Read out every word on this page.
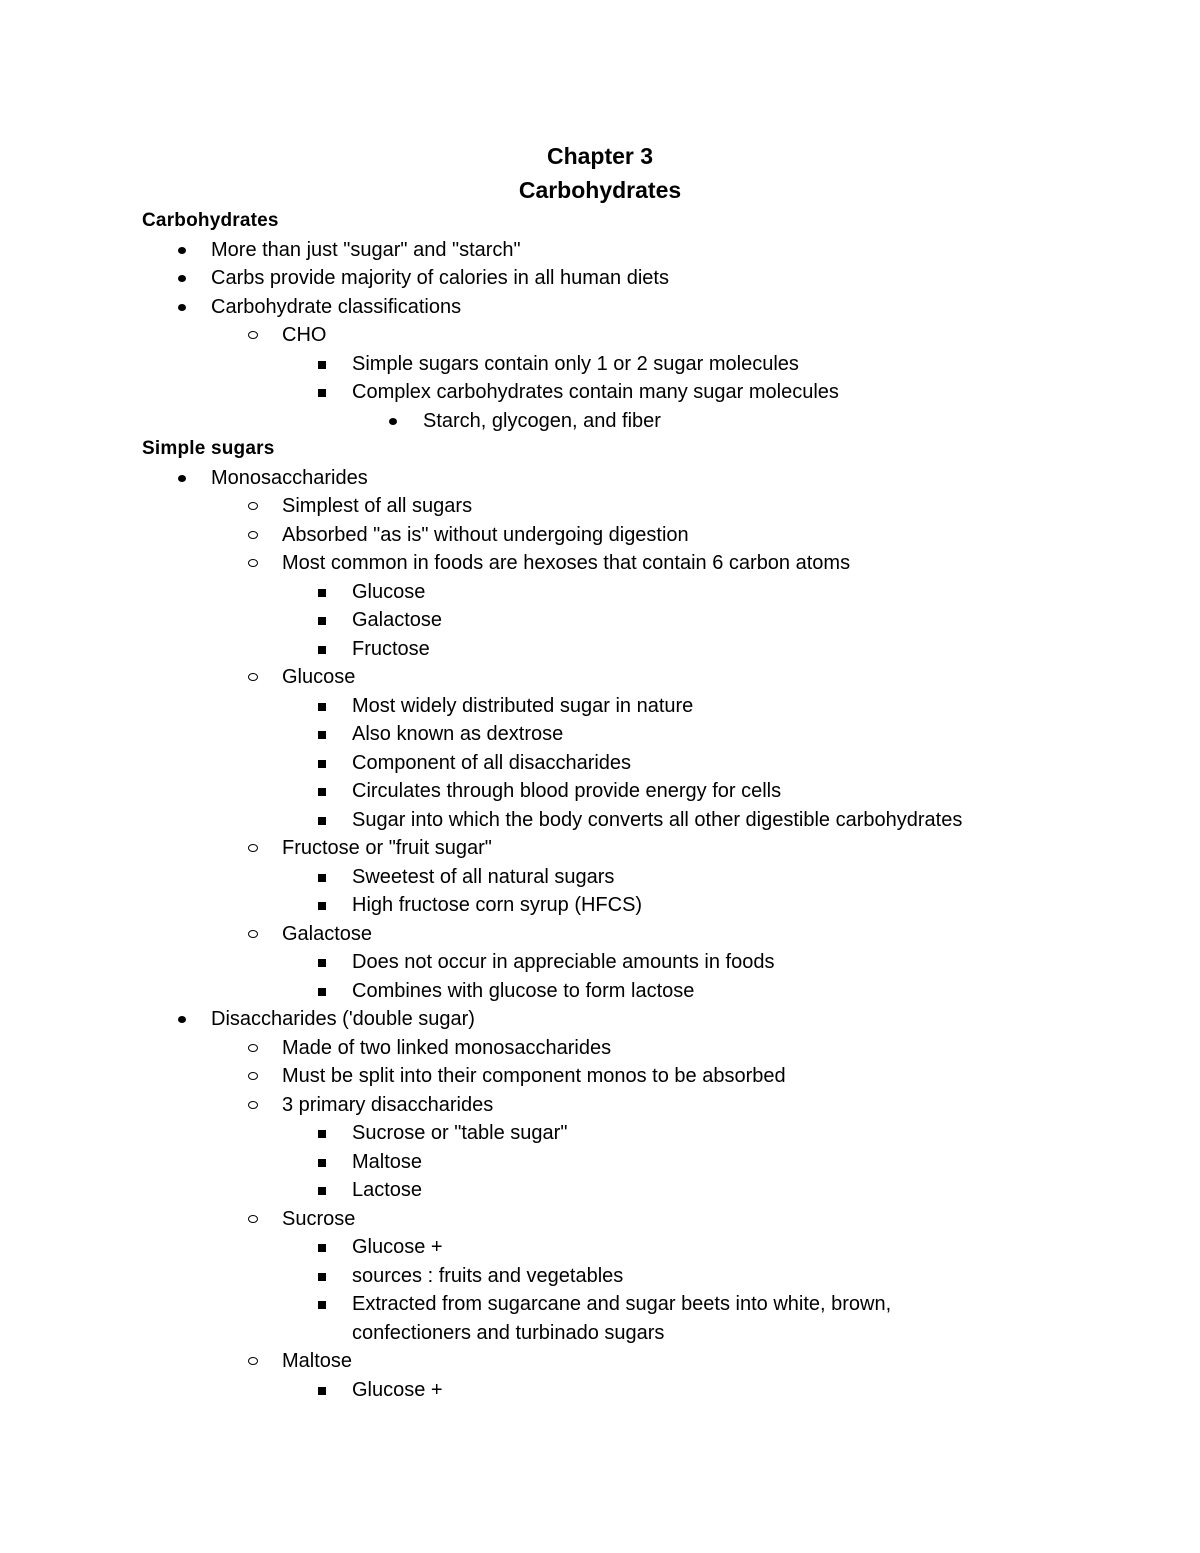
Chapter 3
Carbohydrates
Carbohydrates
More than just "sugar" and "starch"
Carbs provide majority of calories in all human diets
Carbohydrate classifications
CHO
Simple sugars contain only 1 or 2 sugar molecules
Complex carbohydrates contain many sugar molecules
Starch, glycogen, and fiber
Simple sugars
Monosaccharides
Simplest of all sugars
Absorbed "as is" without undergoing digestion
Most common in foods are hexoses that contain 6 carbon atoms
Glucose
Galactose
Fructose
Glucose
Most widely distributed sugar in nature
Also known as dextrose
Component of all disaccharides
Circulates through blood provide energy for cells
Sugar into which the body converts all other digestible carbohydrates
Fructose or "fruit sugar"
Sweetest of all natural sugars
High fructose corn syrup (HFCS)
Galactose
Does not occur in appreciable amounts in foods
Combines with glucose to form lactose
Disaccharides ('double sugar)
Made of two linked monosaccharides
Must be split into their component monos to be absorbed
3 primary disaccharides
Sucrose or "table sugar"
Maltose
Lactose
Sucrose
Glucose +
sources : fruits and vegetables
Extracted from sugarcane and sugar beets into white, brown,
confectioners and turbinado sugars
Maltose
Glucose +
